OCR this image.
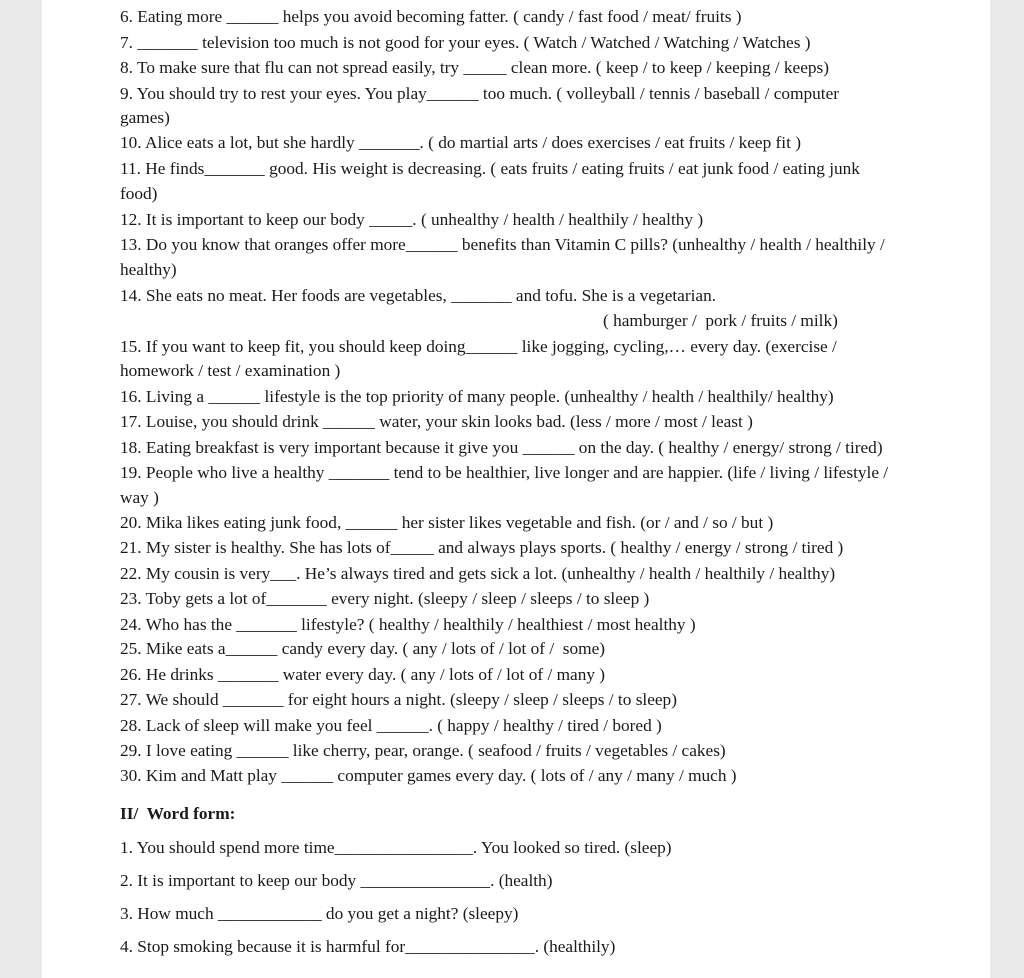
6. Eating more ______ helps you avoid becoming fatter. ( candy / fast food / meat/ fruits )
7. _______ television too much is not good for your eyes. ( Watch / Watched / Watching / Watches )
8. To make sure that flu can not spread easily, try _____ clean more. ( keep / to keep / keeping / keeps)
9. You should try to rest your eyes. You play______ too much. ( volleyball / tennis / baseball / computer
games)
10. Alice eats a lot, but she hardly _______. ( do martial arts / does exercises / eat fruits / keep fit )
11. He finds_______ good. His weight is decreasing. ( eats fruits / eating fruits / eat junk food / eating junk
food)
12. It is important to keep our body _____. ( unhealthy / health / healthily / healthy )
13. Do you know that oranges offer more______ benefits than Vitamin C pills? (unhealthy / health / healthily /
healthy)
14. She eats no meat. Her foods are vegetables, _______ and tofu. She is a vegetarian.
( hamburger /  pork / fruits / milk)
15. If you want to keep fit, you should keep doing______ like jogging, cycling,… every day. (exercise /
homework / test / examination )
16. Living a ______ lifestyle is the top priority of many people. (unhealthy / health / healthily/ healthy)
17. Louise, you should drink ______ water, your skin looks bad. (less / more / most / least )
18. Eating breakfast is very important because it give you ______ on the day. ( healthy / energy/ strong / tired)
19. People who live a healthy _______ tend to be healthier, live longer and are happier. (life / living / lifestyle /
way )
20. Mika likes eating junk food, ______ her sister likes vegetable and fish. (or / and / so / but )
21. My sister is healthy. She has lots of_____ and always plays sports. ( healthy / energy / strong / tired )
22. My cousin is very___. He’s always tired and gets sick a lot. (unhealthy / health / healthily / healthy)
23. Toby gets a lot of_______ every night. (sleepy / sleep / sleeps / to sleep )
24. Who has the _______ lifestyle? ( healthy / healthily / healthiest / most healthy )
25. Mike eats a______ candy every day. ( any / lots of / lot of /  some)
26. He drinks _______ water every day. ( any / lots of / lot of / many )
27. We should _______ for eight hours a night. (sleepy / sleep / sleeps / to sleep)
28. Lack of sleep will make you feel ______. ( happy / healthy / tired / bored )
29. I love eating ______ like cherry, pear, orange. ( seafood / fruits / vegetables / cakes)
30. Kim and Matt play ______ computer games every day. ( lots of / any / many / much )
II/  Word form:
1. You should spend more time________________. You looked so tired. (sleep)
2. It is important to keep our body _______________. (health)
3. How much ____________ do you get a night? (sleepy)
4. Stop smoking because it is harmful for_______________. (healthily)
